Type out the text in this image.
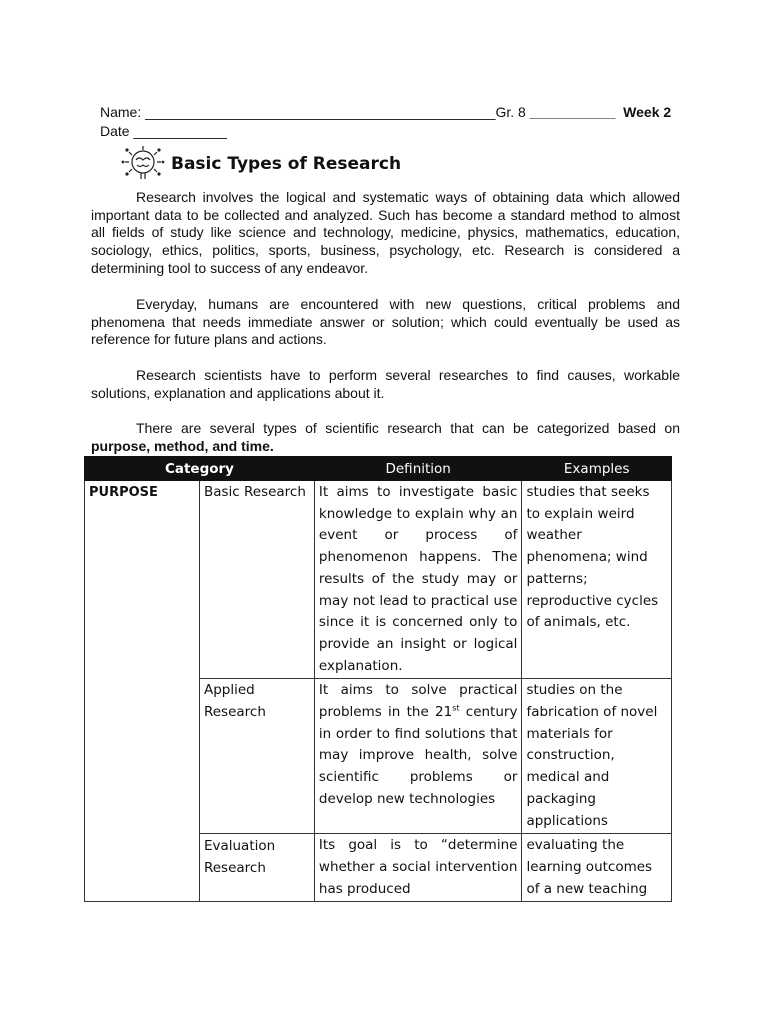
Name: _____________________________________________Gr. 8 ___________  Week 2
Date ____________
Basic Types of Research

Research involves the logical and systematic ways of obtaining data which allowed important data to be collected and analyzed. Such has become a standard method to almost all fields of study like science and technology, medicine, physics, mathematics, education, sociology, ethics, politics, sports, business, psychology, etc. Research is considered a determining tool to success of any endeavor.

Everyday, humans are encountered with new questions, critical problems and phenomena that needs immediate answer or solution; which could eventually be used as reference for future plans and actions.

Research scientists have to perform several researches to find causes, workable solutions, explanation and applications about it.

There are several types of scientific research that can be categorized based on purpose, method, and time.

Category		Definition	Examples
PURPOSE	Basic Research	It aims to investigate basic knowledge to explain why an event or process of phenomenon happens. The results of the study may or may not lead to practical use since it is concerned only to provide an insight or logical explanation.	studies that seeks to explain weird weather phenomena; wind patterns; reproductive cycles of animals, etc.
	Applied Research	It aims to solve practical problems in the 21st century in order to find solutions that may improve health, solve scientific problems or develop new technologies	studies on the fabrication of novel materials for construction, medical and packaging applications
	Evaluation Research	Its goal is to “determine whether a social intervention has produced	evaluating the learning outcomes of a new teaching
